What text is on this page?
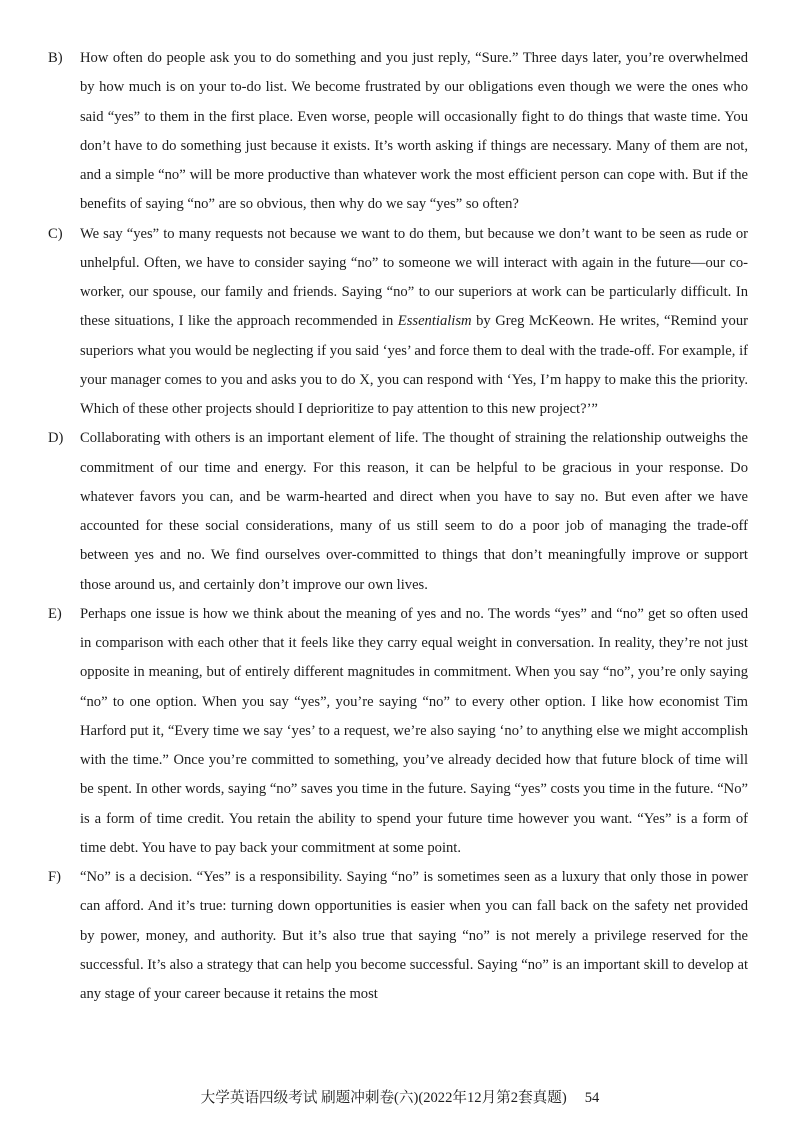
B)	How often do people ask you to do something and you just reply, “Sure.” Three days later, you’re overwhelmed by how much is on your to-do list. We become frustrated by our obligations even though we were the ones who said “yes” to them in the first place. Even worse, people will occasionally fight to do things that waste time. You don’t have to do something just because it exists. It’s worth asking if things are necessary. Many of them are not, and a simple “no” will be more productive than whatever work the most efficient person can cope with. But if the benefits of saying “no” are so obvious, then why do we say “yes” so often?

C)	We say “yes” to many requests not because we want to do them, but because we don’t want to be seen as rude or unhelpful. Often, we have to consider saying “no” to someone we will interact with again in the future—our co-worker, our spouse, our family and friends. Saying “no” to our superiors at work can be particularly difficult. In these situations, I like the approach recommended in Essentialism by Greg McKeown. He writes, “Remind your superiors what you would be neglecting if you said ‘yes’ and force them to deal with the trade-off. For example, if your manager comes to you and asks you to do X, you can respond with ‘Yes, I’m happy to make this the priority. Which of these other projects should I deprioritize to pay attention to this new project?’”

D)	Collaborating with others is an important element of life. The thought of straining the relationship outweighs the commitment of our time and energy. For this reason, it can be helpful to be gracious in your response. Do whatever favors you can, and be warm-hearted and direct when you have to say no. But even after we have accounted for these social considerations, many of us still seem to do a poor job of managing the trade-off between yes and no. We find ourselves over-committed to things that don’t meaningfully improve or support those around us, and certainly don’t improve our own lives.

E)	Perhaps one issue is how we think about the meaning of yes and no. The words “yes” and “no” get so often used in comparison with each other that it feels like they carry equal weight in conversation. In reality, they’re not just opposite in meaning, but of entirely different magnitudes in commitment. When you say “no”, you’re only saying “no” to one option. When you say “yes”, you’re saying “no” to every other option. I like how economist Tim Harford put it, “Every time we say ‘yes’ to a request, we’re also saying ‘no’ to anything else we might accomplish with the time.” Once you’re committed to something, you’ve already decided how that future block of time will be spent. In other words, saying “no” saves you time in the future. Saying “yes” costs you time in the future. “No” is a form of time credit. You retain the ability to spend your future time however you want. “Yes” is a form of time debt. You have to pay back your commitment at some point.

F)	“No” is a decision. “Yes” is a responsibility. Saying “no” is sometimes seen as a luxury that only those in power can afford. And it’s true: turning down opportunities is easier when you can fall back on the safety net provided by power, money, and authority. But it’s also true that saying “no” is not merely a privilege reserved for the successful. It’s also a strategy that can help you become successful. Saying “no” is an important skill to develop at any stage of your career because it retains the most

大学英语四级考试 刷题冲刺卷(六)(2022年12月第2套真题) 54
